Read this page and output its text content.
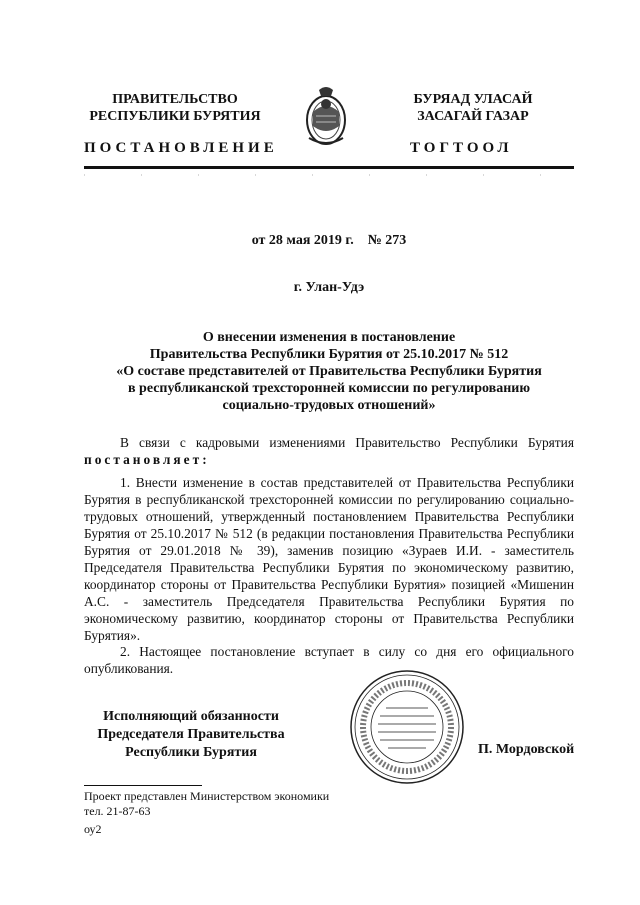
ПРАВИТЕЛЬСТВО
РЕСПУБЛИКИ БУРЯТИЯ
БУРЯАД УЛАСАЙ
ЗАСАГАЙ ГАЗАР
ПОСТАНОВЛЕНИЕ	ТОГТООЛ
от 28 мая 2019 г.    № 273
г. Улан-Удэ
О внесении изменения в постановление
Правительства Республики Бурятия от 25.10.2017 № 512
«О составе представителей от Правительства Республики Бурятия
в республиканской трехсторонней комиссии по регулированию
социально-трудовых отношений»
В связи с кадровыми изменениями Правительство Республики Бурятия
постановляет:
1. Внести изменение в состав представителей от Правительства Республики Бурятия в республиканской трехсторонней комиссии по регулированию социально-трудовых отношений, утвержденный постановлением Правительства Республики Бурятия от 25.10.2017 № 512 (в редакции постановления Правительства Республики Бурятия от 29.01.2018 № 39), заменив позицию «Зураев И.И. - заместитель Председателя Правительства Республики Бурятия по экономическому развитию, координатор стороны от Правительства Республики Бурятия» позицией «Мишенин А.С. - заместитель Председателя Правительства Республики Бурятия по экономическому развитию, координатор стороны от Правительства Республики Бурятия».
2. Настоящее постановление вступает в силу со дня его официального опубликования.
Исполняющий обязанности
Председателя Правительства
Республики Бурятия	П. Мордовской
Проект представлен Министерством экономики
тел. 21-87-63
оу2
